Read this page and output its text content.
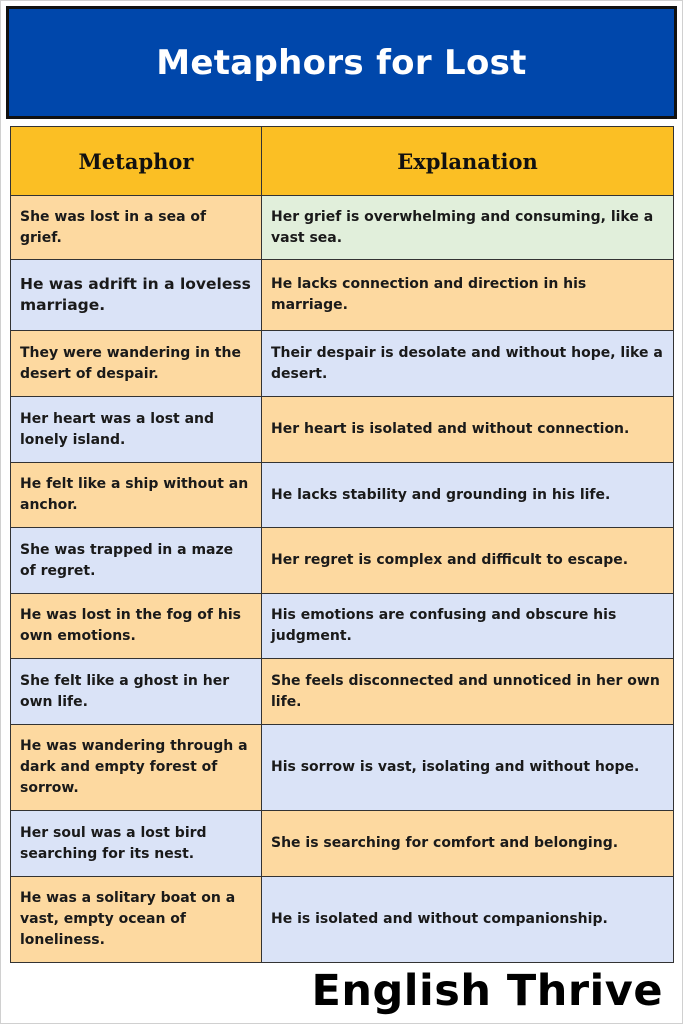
Metaphors for Lost
Metaphor	Explanation
She was lost in a sea of grief.	Her grief is overwhelming and consuming, like a vast sea.
He was adrift in a loveless marriage.	He lacks connection and direction in his marriage.
They were wandering in the desert of despair.	Their despair is desolate and without hope, like a desert.
Her heart was a lost and lonely island.	Her heart is isolated and without connection.
He felt like a ship without an anchor.	He lacks stability and grounding in his life.
She was trapped in a maze of regret.	Her regret is complex and difficult to escape.
He was lost in the fog of his own emotions.	His emotions are confusing and obscure his judgment.
She felt like a ghost in her own life.	She feels disconnected and unnoticed in her own life.
He was wandering through a dark and empty forest of sorrow.	His sorrow is vast, isolating and without hope.
Her soul was a lost bird searching for its nest.	She is searching for comfort and belonging.
He was a solitary boat on a vast, empty ocean of loneliness.	He is isolated and without companionship.
English Thrive
